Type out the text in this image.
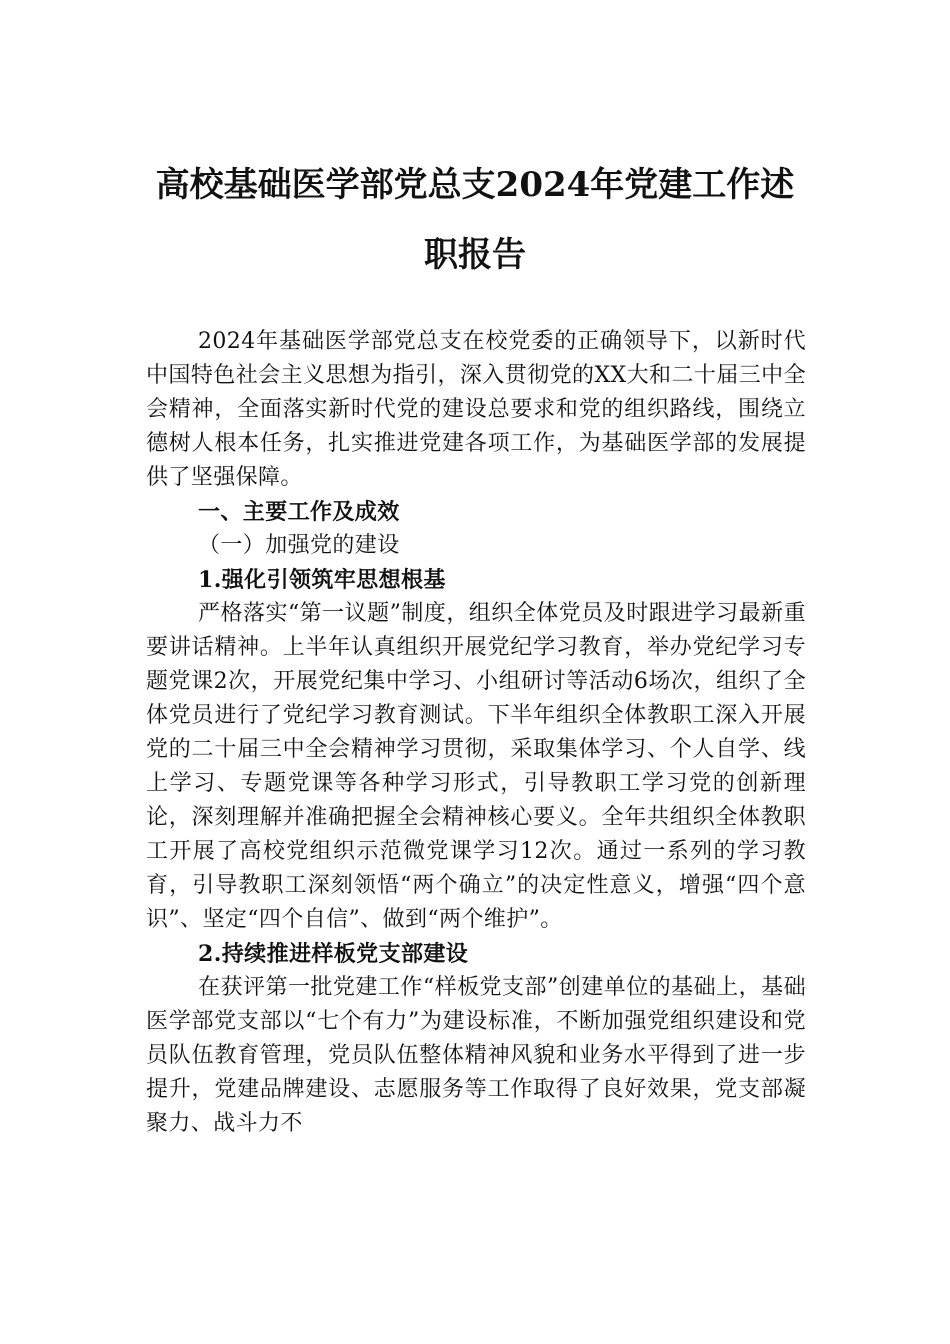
高校基础医学部党总支2024年党建工作述
职报告

2024年基础医学部党总支在校党委的正确领导下，以新时代中国特色社会主义思想为指引，深入贯彻党的XX大和二十届三中全会精神，全面落实新时代党的建设总要求和党的组织路线，围绕立德树人根本任务，扎实推进党建各项工作，为基础医学部的发展提供了坚强保障。

一、主要工作及成效

（一）加强党的建设

1.强化引领筑牢思想根基

严格落实“第一议题”制度，组织全体党员及时跟进学习最新重要讲话精神。上半年认真组织开展党纪学习教育，举办党纪学习专题党课2次，开展党纪集中学习、小组研讨等活动6场次，组织了全体党员进行了党纪学习教育测试。下半年组织全体教职工深入开展党的二十届三中全会精神学习贯彻，采取集体学习、个人自学、线上学习、专题党课等各种学习形式，引导教职工学习党的创新理论，深刻理解并准确把握全会精神核心要义。全年共组织全体教职工开展了高校党组织示范微党课学习12次。通过一系列的学习教育，引导教职工深刻领悟“两个确立”的决定性意义，增强“四个意识”、坚定“四个自信”、做到“两个维护”。

2.持续推进样板党支部建设

在获评第一批党建工作“样板党支部”创建单位的基础上，基础医学部党支部以“七个有力”为建设标准，不断加强党组织建设和党员队伍教育管理，党员队伍整体精神风貌和业务水平得到了进一步提升，党建品牌建设、志愿服务等工作取得了良好效果，党支部凝聚力、战斗力不
